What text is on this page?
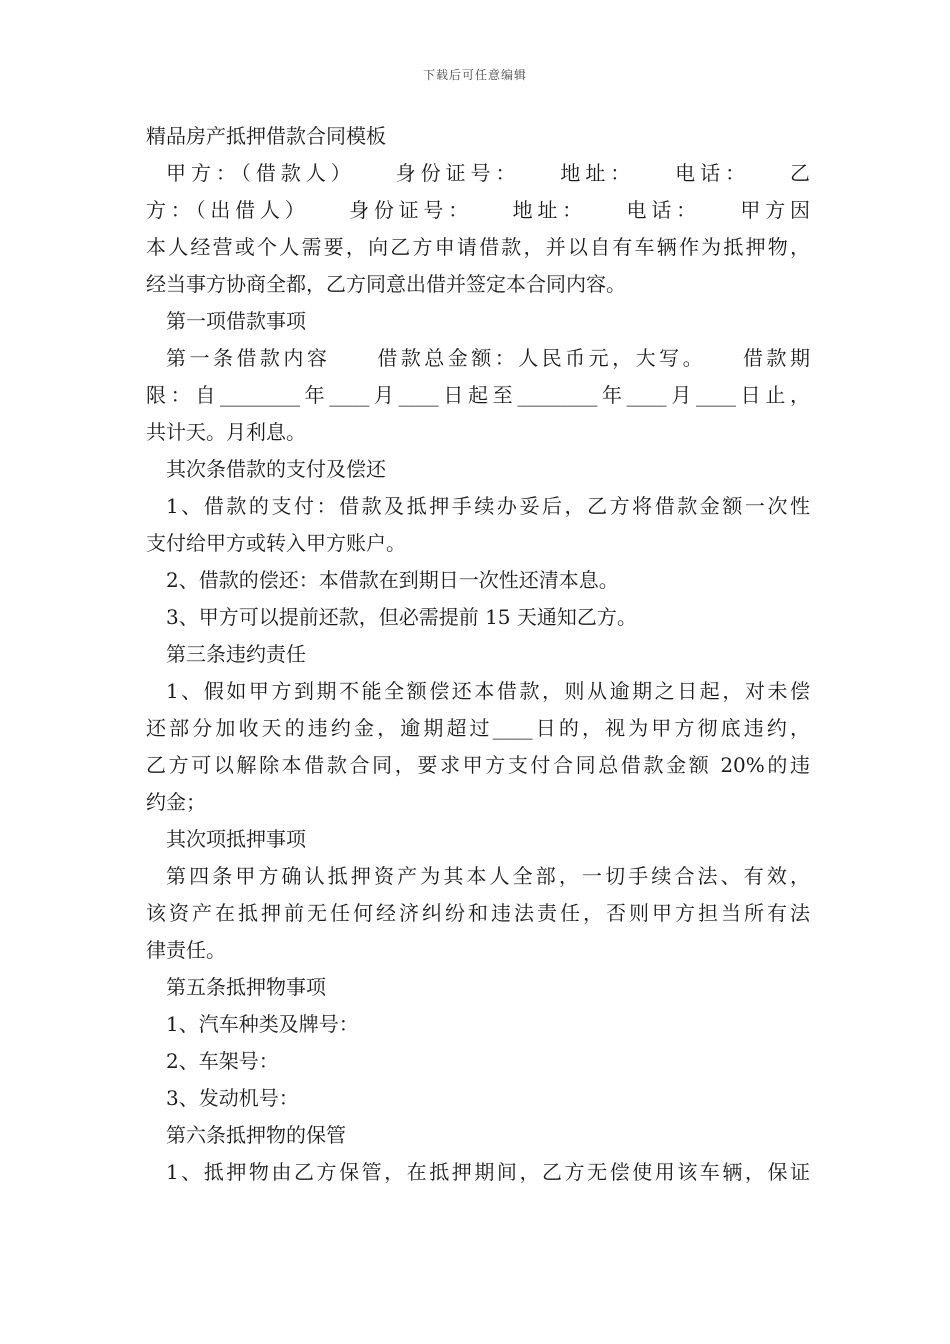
下载后可任意编辑

精品房产抵押借款合同模板

甲方：（借款人）　　身份证号：　　地址：　　电话：　　乙

方：（出借人）　　身份证号：　　地址：　　电话：　　甲方因

本人经营或个人需要，向乙方申请借款，并以自有车辆作为抵押物，

经当事方协商全都，乙方同意出借并签定本合同内容。

第一项借款事项

第一条借款内容　　借款总金额：人民币元，大写。　　借款期

限：自________年____月____日起至________年____月____日止，

共计天。月利息。

其次条借款的支付及偿还

1、借款的支付：借款及抵押手续办妥后，乙方将借款金额一次性

支付给甲方或转入甲方账户。

2、借款的偿还：本借款在到期日一次性还清本息。

3、甲方可以提前还款，但必需提前 15 天通知乙方。

第三条违约责任

1、假如甲方到期不能全额偿还本借款，则从逾期之日起，对未偿

还部分加收天的违约金，逾期超过____日的，视为甲方彻底违约，

乙方可以解除本借款合同，要求甲方支付合同总借款金额 20%的违

约金；

其次项抵押事项

第四条甲方确认抵押资产为其本人全部，一切手续合法、有效，

该资产在抵押前无任何经济纠纷和违法责任，否则甲方担当所有法

律责任。

第五条抵押物事项

1、汽车种类及牌号：

2、车架号：

3、发动机号：

第六条抵押物的保管

1、抵押物由乙方保管，在抵押期间，乙方无偿使用该车辆，保证
